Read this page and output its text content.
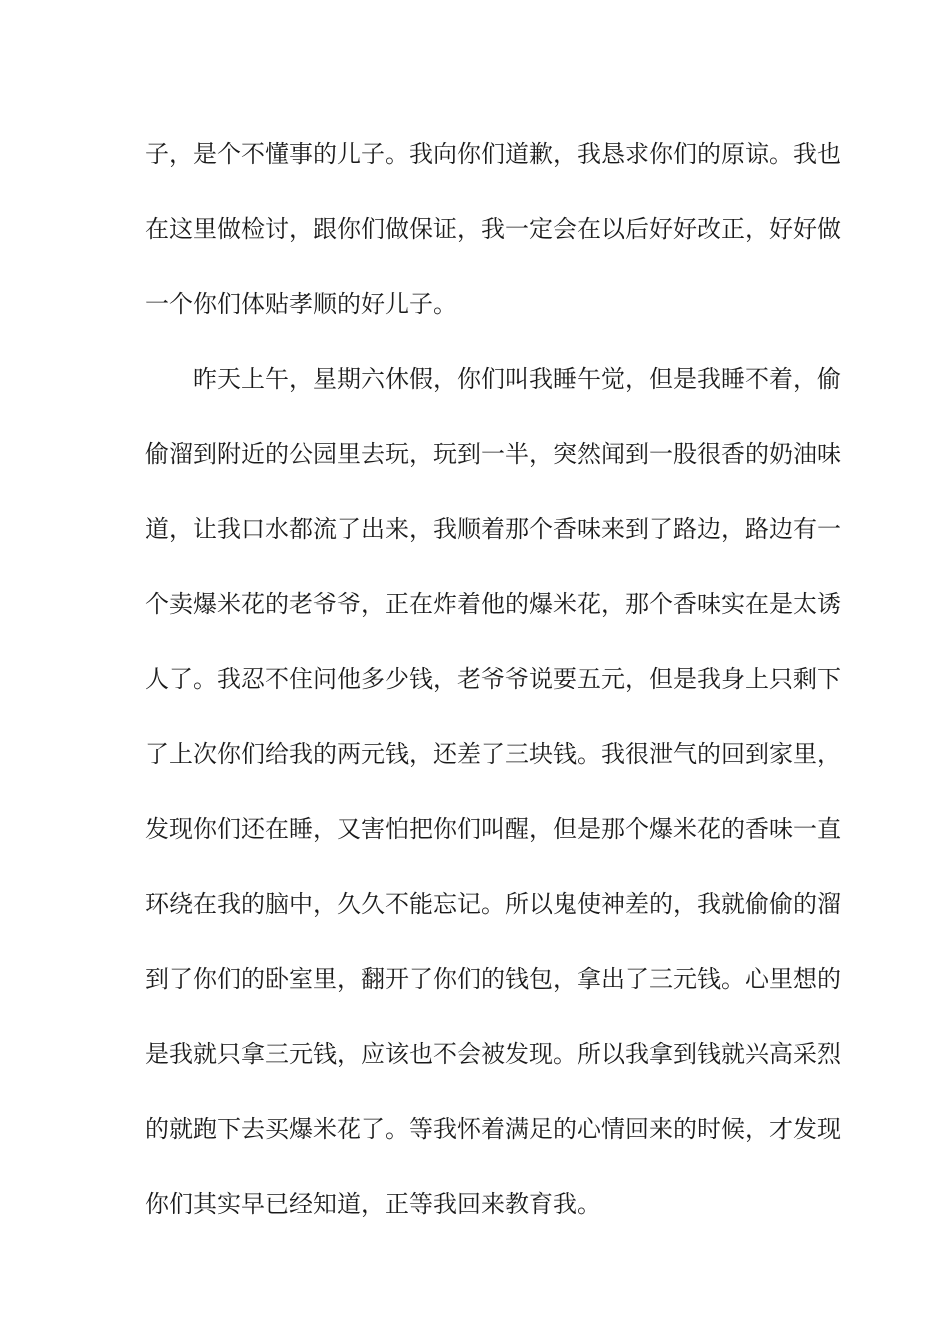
子，是个不懂事的儿子。我向你们道歉，我恳求你们的原谅。我也
在这里做检讨，跟你们做保证，我一定会在以后好好改正，好好做
一个你们体贴孝顺的好儿子。
昨天上午，星期六休假，你们叫我睡午觉，但是我睡不着，偷
偷溜到附近的公园里去玩，玩到一半，突然闻到一股很香的奶油味
道，让我口水都流了出来，我顺着那个香味来到了路边，路边有一
个卖爆米花的老爷爷，正在炸着他的爆米花，那个香味实在是太诱
人了。我忍不住问他多少钱，老爷爷说要五元，但是我身上只剩下
了上次你们给我的两元钱，还差了三块钱。我很泄气的回到家里，
发现你们还在睡，又害怕把你们叫醒，但是那个爆米花的香味一直
环绕在我的脑中，久久不能忘记。所以鬼使神差的，我就偷偷的溜
到了你们的卧室里，翻开了你们的钱包，拿出了三元钱。心里想的
是我就只拿三元钱，应该也不会被发现。所以我拿到钱就兴高采烈
的就跑下去买爆米花了。等我怀着满足的心情回来的时候，才发现
你们其实早已经知道，正等我回来教育我。
